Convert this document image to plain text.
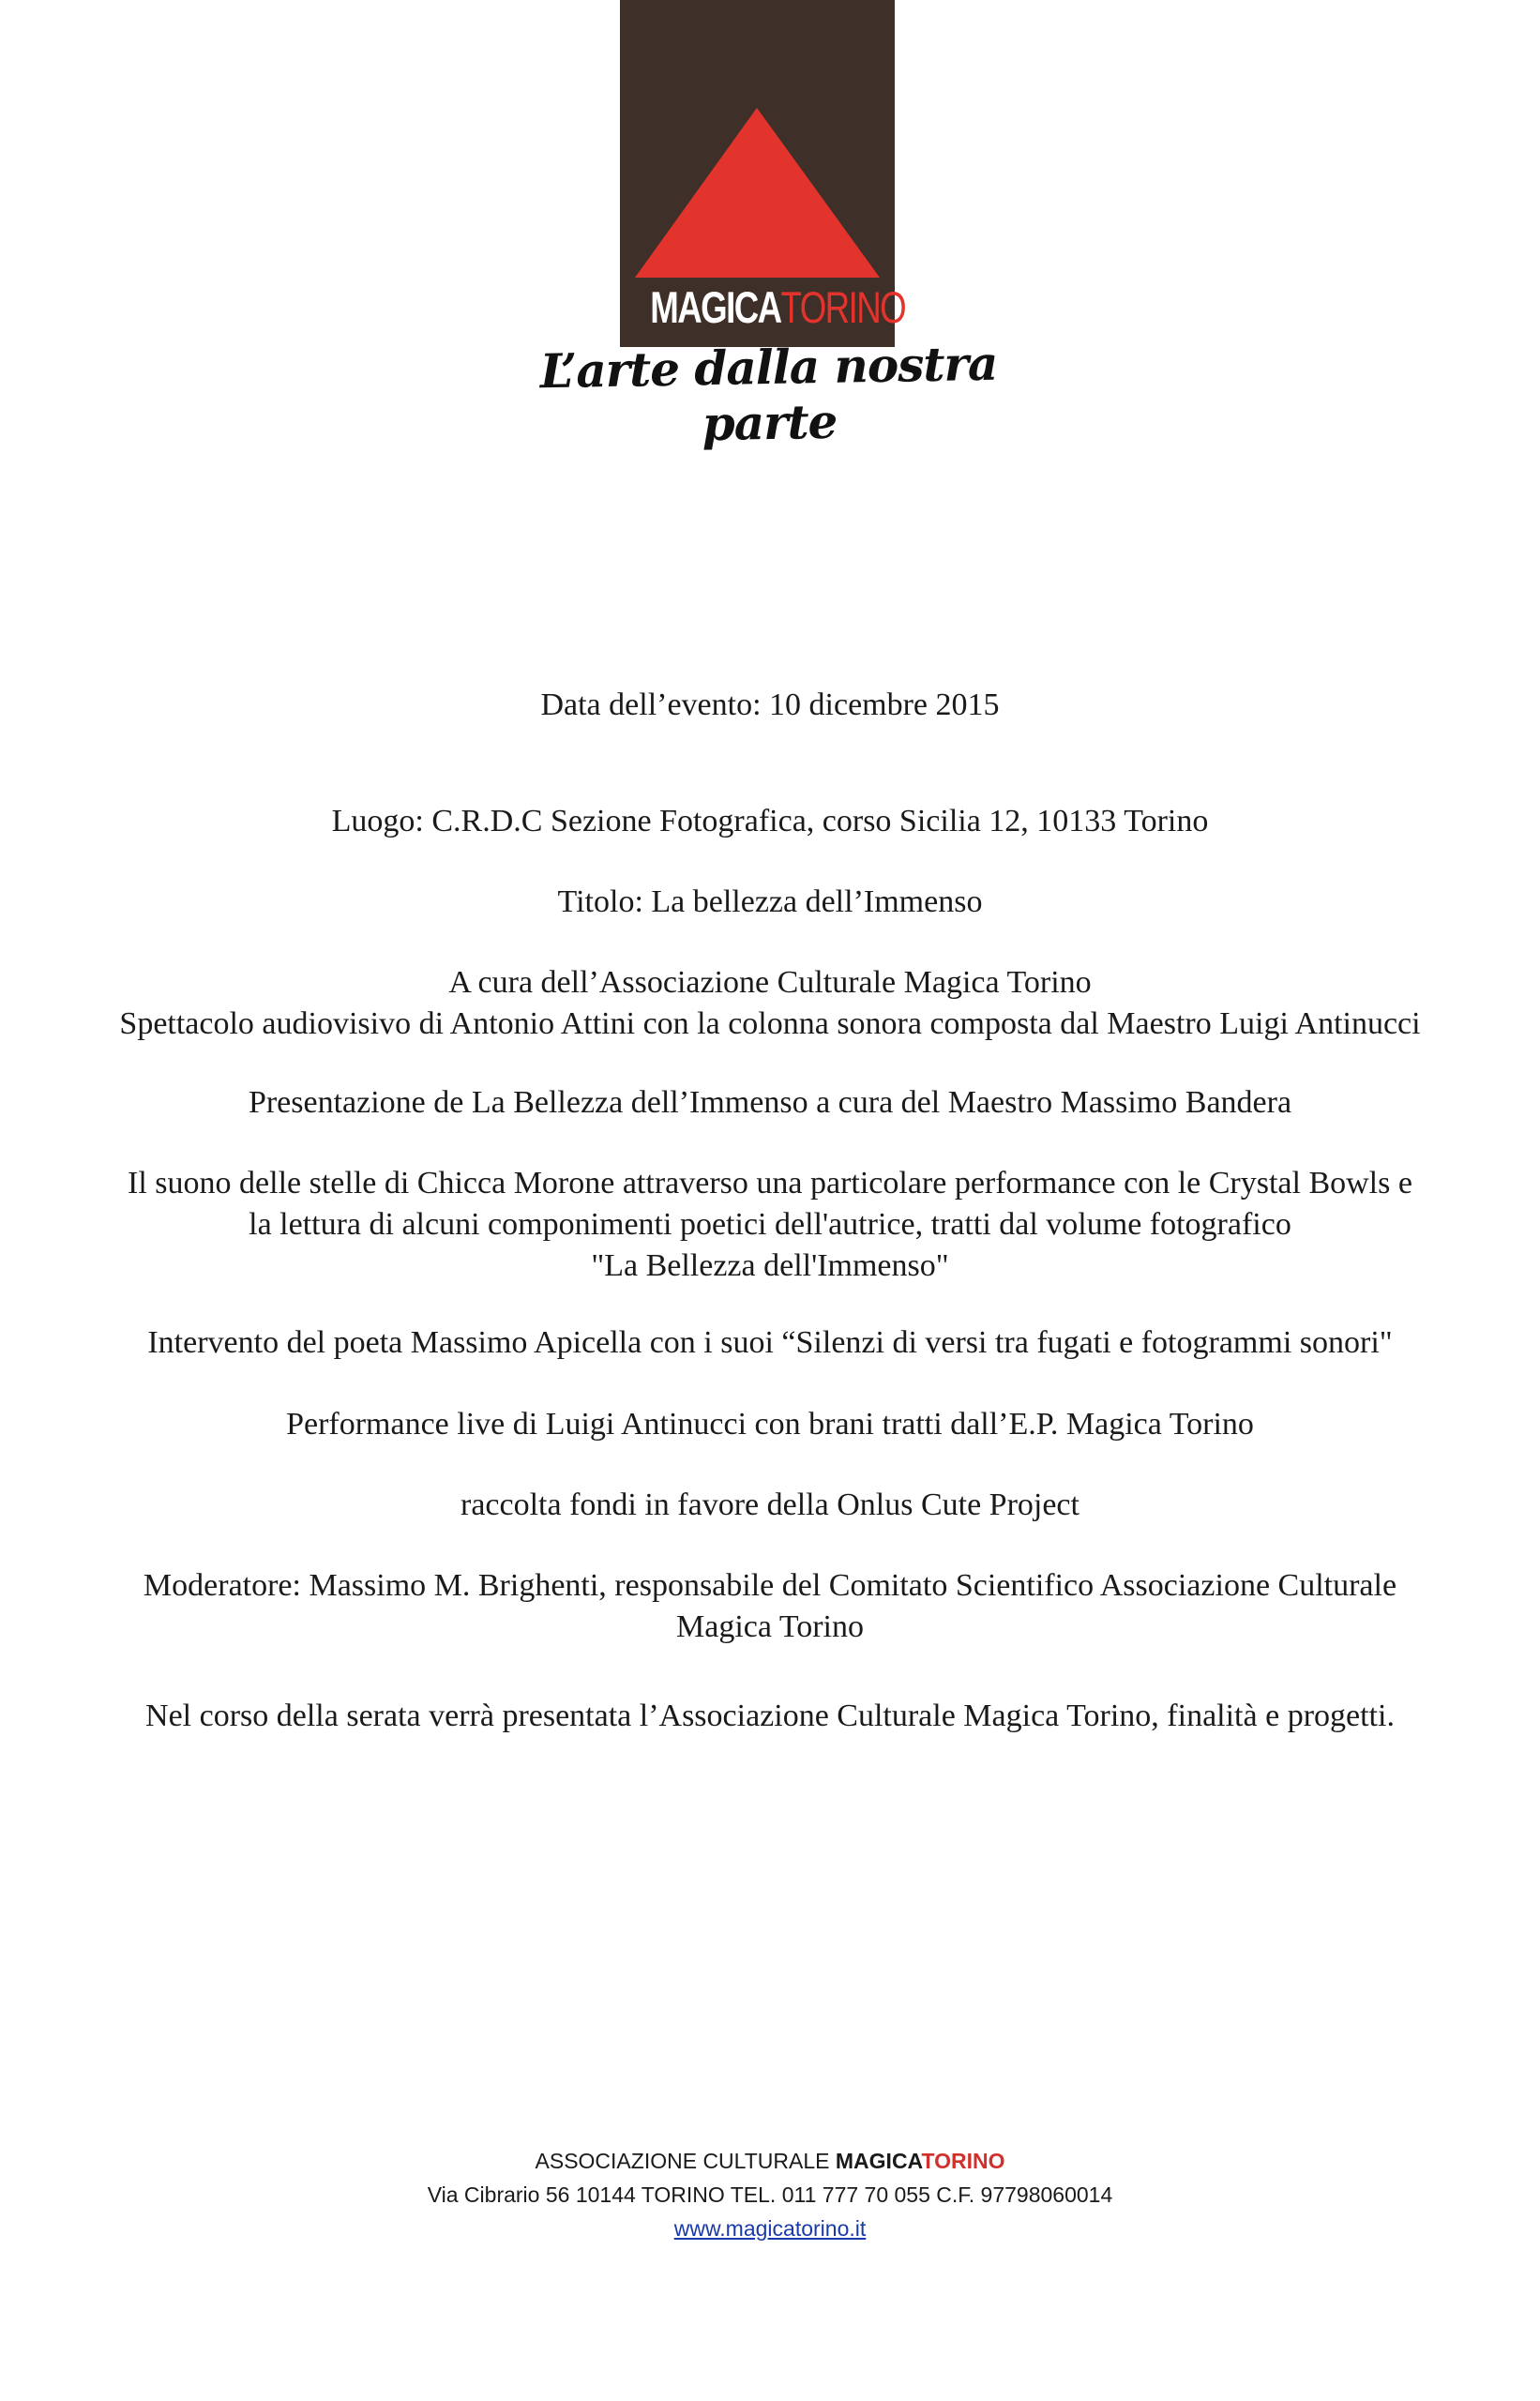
MAGICATORINO
L’arte dalla nostra parte

Data dell’evento: 10 dicembre 2015

Luogo: C.R.D.C Sezione Fotografica, corso Sicilia 12, 10133 Torino

Titolo: La bellezza dell’Immenso

A cura dell’Associazione Culturale Magica Torino
Spettacolo audiovisivo di Antonio Attini con la colonna sonora composta dal Maestro Luigi Antinucci

Presentazione de La Bellezza dell’Immenso a cura del Maestro Massimo Bandera

Il suono delle stelle di Chicca Morone attraverso una particolare performance con le Crystal Bowls e
la lettura di alcuni componimenti poetici dell'autrice, tratti dal volume fotografico
"La Bellezza dell'Immenso"

Intervento del poeta Massimo Apicella con i suoi “Silenzi di versi tra fugati e fotogrammi sonori"

Performance live di Luigi Antinucci con brani tratti dall’E.P. Magica Torino

raccolta fondi in favore della Onlus Cute Project

Moderatore: Massimo M. Brighenti, responsabile del Comitato Scientifico Associazione Culturale
Magica Torino

Nel corso della serata verrà presentata l’Associazione Culturale Magica Torino, finalità e progetti.

ASSOCIAZIONE CULTURALE MAGICATORINO
Via Cibrario 56 10144 TORINO TEL. 011 777 70 055 C.F. 97798060014
www.magicatorino.it
